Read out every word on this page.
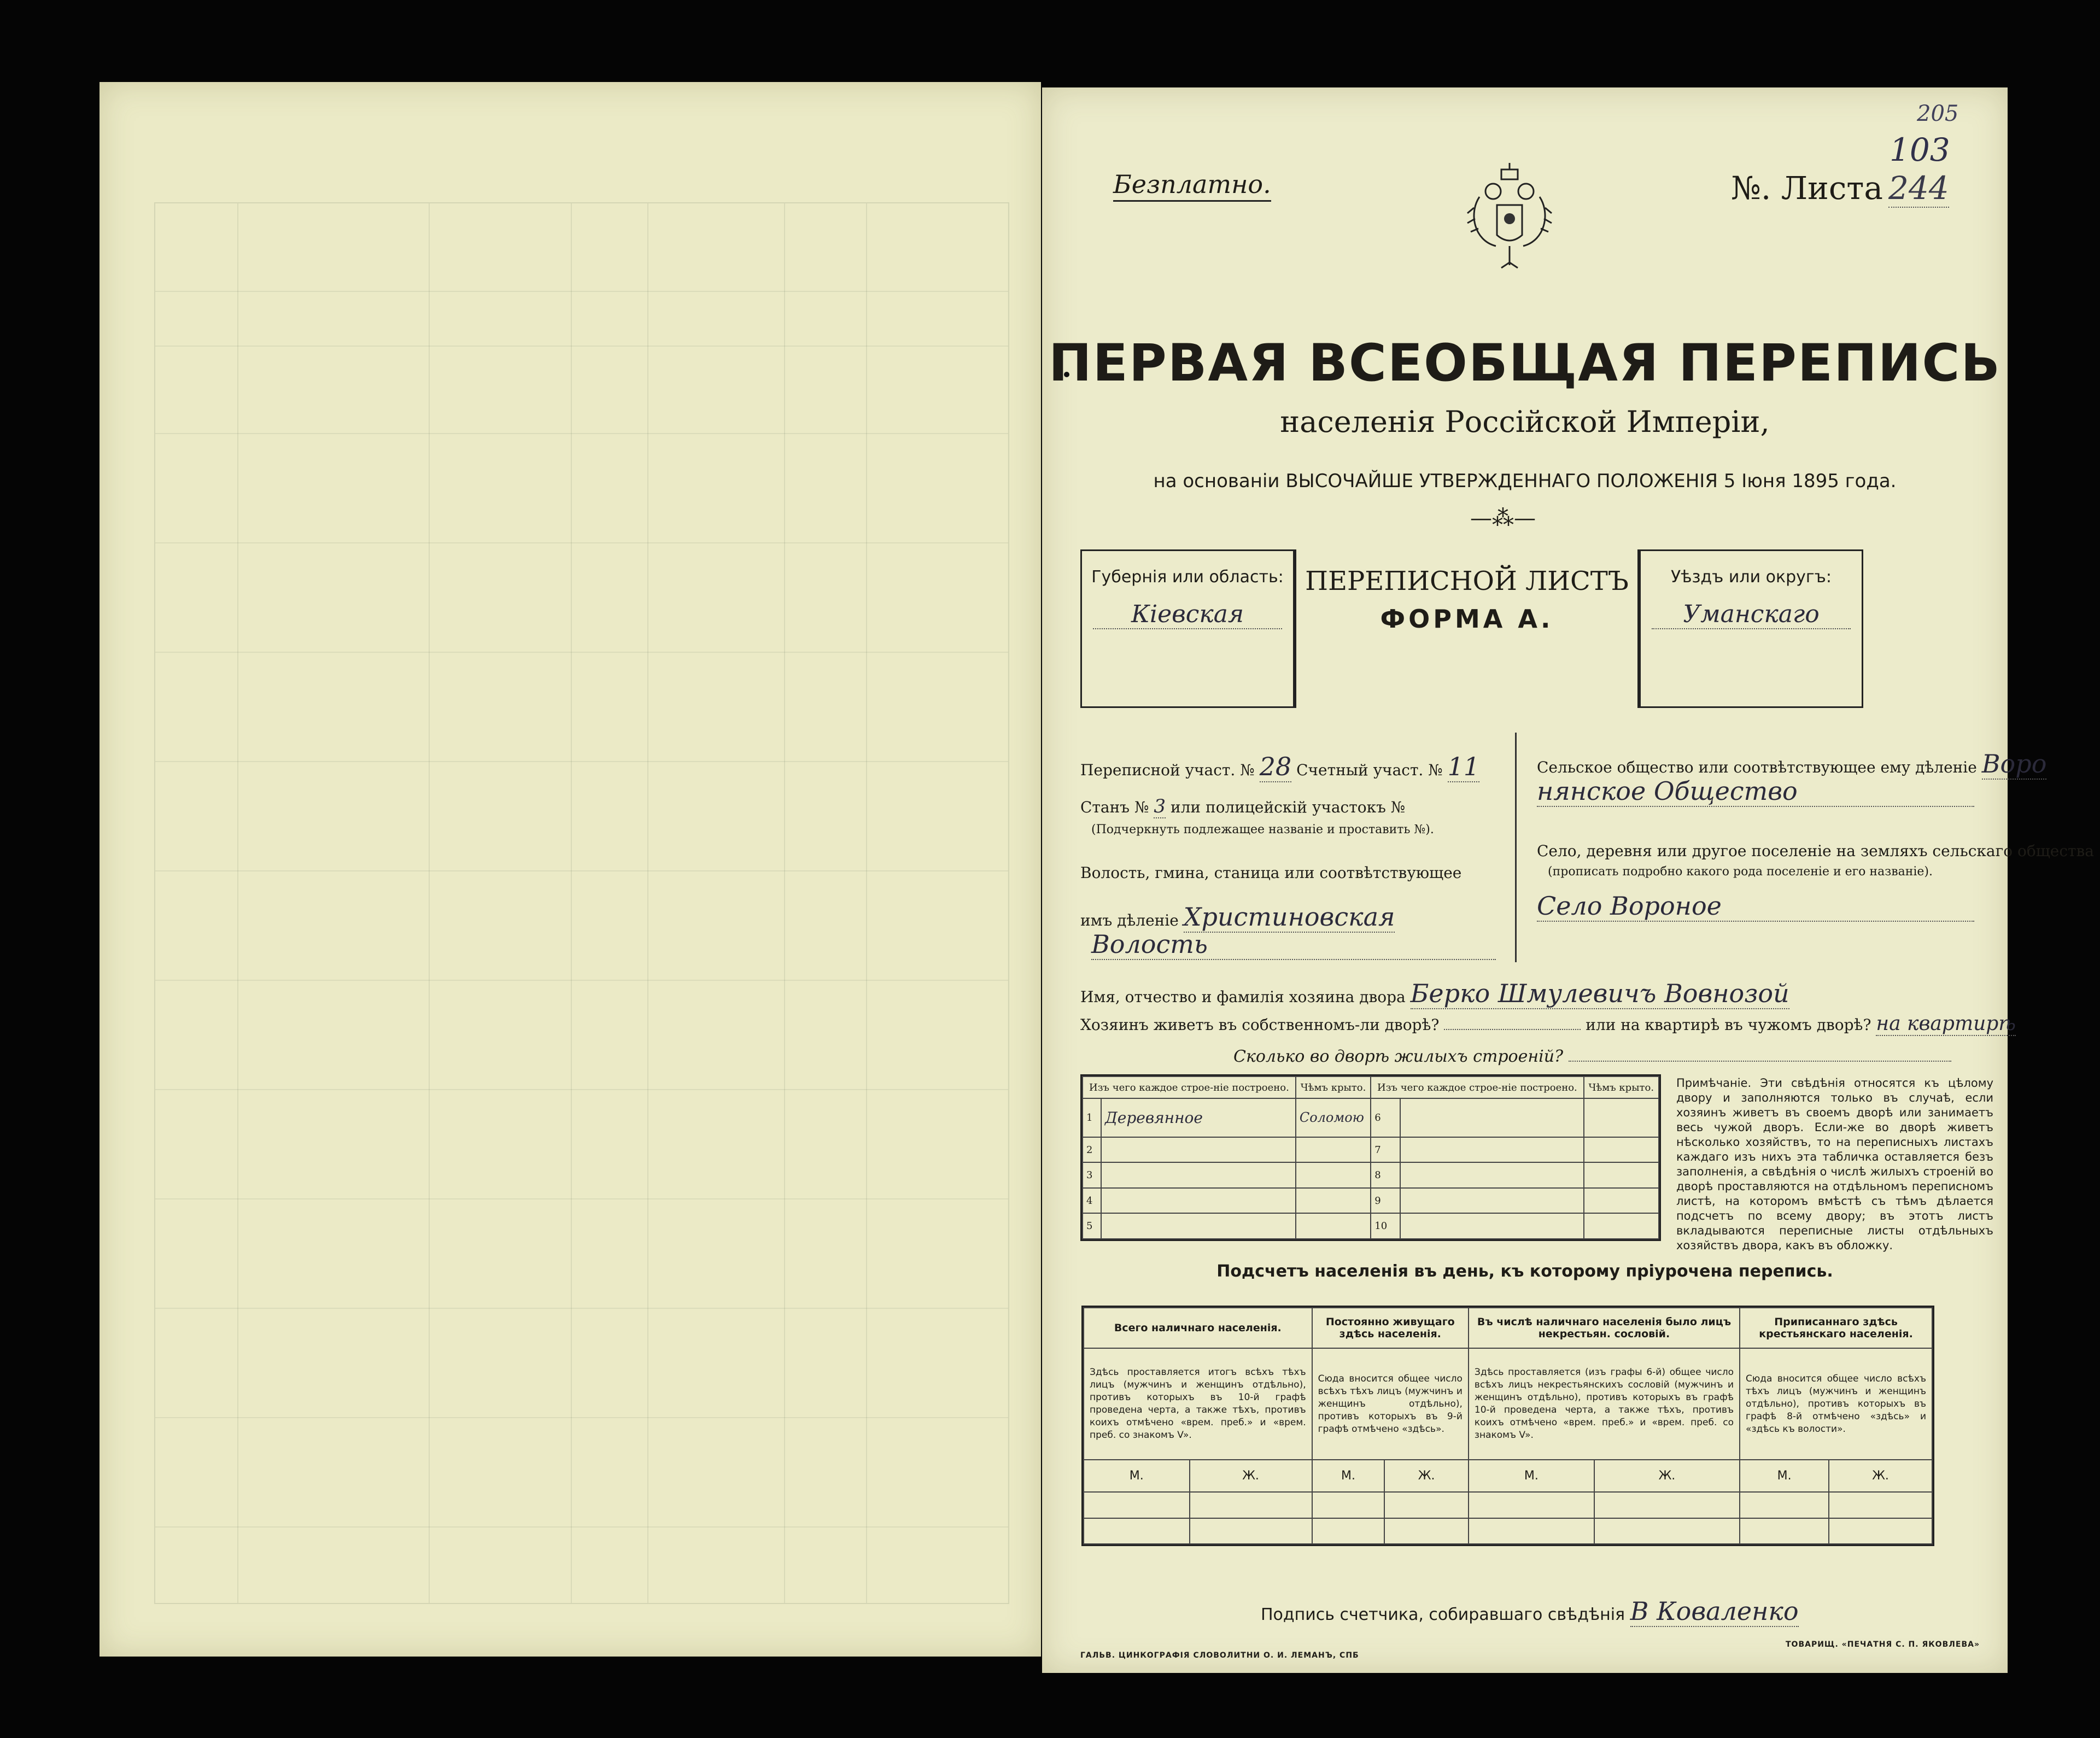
Безплатно.	№. Листа 244
205
103
ПЕРВАЯ ВСЕОБЩАЯ ПЕРЕПИСЬ
населенія Россійской Имперіи,
на основаніи ВЫСОЧАЙШЕ УТВЕРЖДЕННАГО ПОЛОЖЕНІЯ 5 Іюня 1895 года.
—⁂—
Губернія или область:
Кіевская
ПЕРЕПИСНОЙ ЛИСТЪ
ФОРМА А.
Уѣздъ или округъ:
Уманскаго
Переписной участ. № 28 Счетный участ. № 11
Станъ № 3 или полицейскій участокъ №
(Подчеркнуть подлежащее названіе и проставить №).
Волость, гмина, станица или соотвѣтствующее
имъ дѣленіе Христиновская
Волость
Сельское общество или соотвѣтствующее ему дѣленіе Воро
нянское Общество
Село, деревня или другое поселеніе на земляхъ сельскаго общества
(прописать подробно какого рода поселеніе и его названіе).
Село Вороное
Имя, отчество и фамилія хозяина двора Берко Шмулевичъ Вовнозой
Хозяинъ живетъ въ собственномъ-ли дворѣ?	или на квартирѣ въ чужомъ дворѣ? на квартирѣ
Сколько во дворѣ жилыхъ строеній?
Изъ чего каждое строе-ніе построено.		Чѣмъ крыто.	Изъ чего каждое строе-ніе построено.		Чѣмъ крыто.
1	Деревянное	Соломою	6		
2			7		
3			8		
4			9		
5			10		
Примѣчаніе. Эти свѣдѣнія относятся къ цѣлому двору и заполняются только въ случаѣ, если хозяинъ живетъ въ своемъ дворѣ или занимаетъ весь чужой дворъ. Если-же во дворѣ живетъ нѣсколько хозяйствъ, то на переписныхъ листахъ каждаго изъ нихъ эта табличка оставляется безъ заполненія, а свѣдѣнія о числѣ жилыхъ строеній во дворѣ проставляются на отдѣльномъ переписномъ листѣ, на которомъ вмѣстѣ съ тѣмъ дѣлается подсчетъ по всему двору; въ этотъ листъ вкладываются переписные листы отдѣльныхъ хозяйствъ двора, какъ въ обложку.
Подсчетъ населенія въ день, къ которому пріурочена перепись.
Всего наличнаго населенія.		Постоянно живущаго здѣсь населенія.		Въ числѣ наличнаго населенія было лицъ некрестьян. сословій.		Приписаннаго здѣсь крестьянскаго населенія.	
Здѣсь проставляется итогъ всѣхъ тѣхъ лицъ (мужчинъ и женщинъ отдѣльно), противъ которыхъ въ 10-й графѣ проведена черта, а также тѣхъ, противъ коихъ отмѣчено «врем. преб.» и «врем. преб. со знакомъ V».		Сюда вносится общее число всѣхъ тѣхъ лицъ (мужчинъ и женщинъ отдѣльно), противъ которыхъ въ 9-й графѣ отмѣчено «здѣсь».		Здѣсь проставляется (изъ графы 6-й) общее число всѣхъ лицъ некрестьянскихъ сословій (мужчинъ и женщинъ отдѣльно), противъ которыхъ въ графѣ 10-й проведена черта, а также тѣхъ, противъ коихъ отмѣчено «врем. преб.» и «врем. преб. со знакомъ V».		Сюда вносится общее число всѣхъ тѣхъ лицъ (мужчинъ и женщинъ отдѣльно), противъ которыхъ въ графѣ 8-й отмѣчено «здѣсь» и «здѣсь къ волости».	
М.	Ж.	М.	Ж.	М.	Ж.	М.	Ж.

Подпись счетчика, собиравшаго свѣдѣнія В Коваленко
ГАЛЬВ. ЦИНКОГРАФІЯ СЛОВОЛИТНИ О. И. ЛЕМАНЪ, СПБ
ТОВАРИЩ. «ПЕЧАТНЯ С. П. ЯКОВЛЕВА»
